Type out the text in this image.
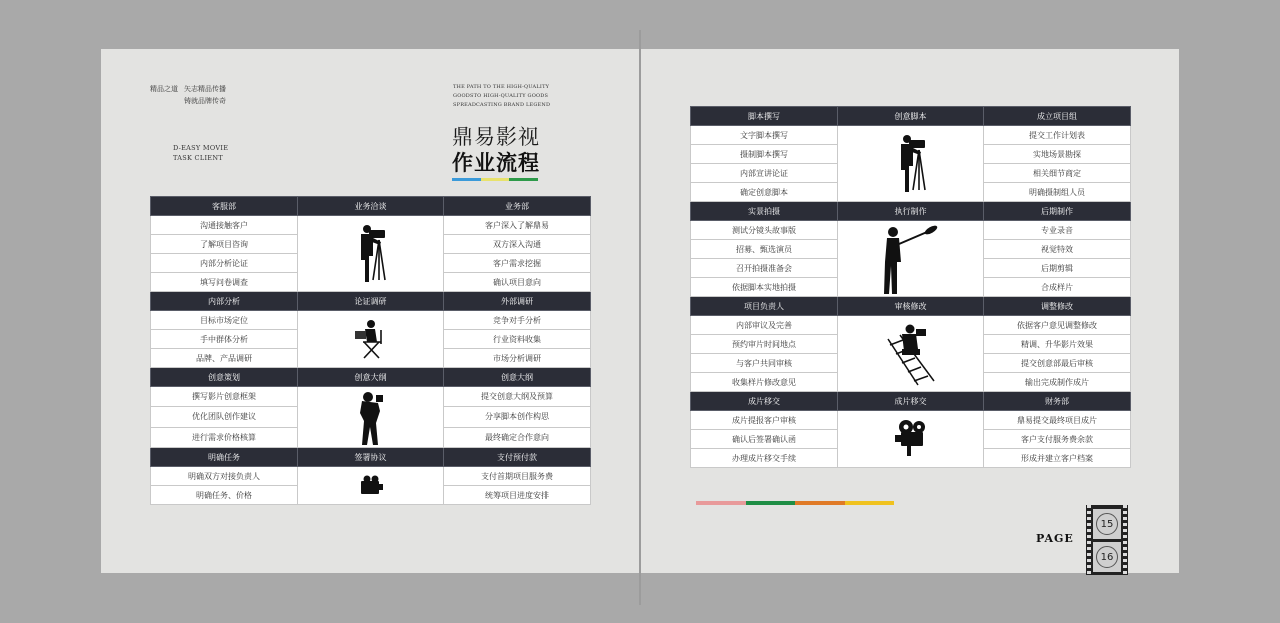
精品之道 矢志精品传播
铸就品牌传奇
D-EASY MOVIE
TASK CLIENT
THE PATH TO THE HIGH-QUALITY
GOODSTO HIGH-QUALITY GOODS
SPREADCASTING BRAND LEGEND
鼎易影视
作业流程
客服部	业务洽谈	业务部
沟通接触客户		客户深入了解鼎易
了解项目咨询		双方深入沟通
内部分析论证		客户需求挖掘
填写问卷调查		确认项目意向
内部分析	论证调研	外部调研
目标市场定位		竞争对手分析
手中群体分析		行业资料收集
品牌、产品调研		市场分析调研
创意策划	创意大纲	创意大纲
撰写影片创意框架		提交创意大纲及预算
优化团队创作建议		分享脚本创作构思
进行需求价格核算		最终确定合作意向
明确任务	签署协议	支付预付款
明确双方对接负责人		支付首期项目服务费
明确任务、价格		统筹项目进度安排
脚本撰写	创意脚本	成立项目组
文字脚本撰写		提交工作计划表
摄制脚本撰写		实地场景勘探
内部宣讲论证		相关细节商定
确定创意脚本		明确摄制组人员
实景拍摄	执行制作	后期制作
测试分镜头故事版		专业录音
招募、甄选演员		视觉特效
召开拍摄准备会		后期剪辑
依据脚本实地拍摄		合成样片
项目负责人	审核修改	调整修改
内部审议及完善		依据客户意见调整修改
预约审片时间地点		精调、升华影片效果
与客户共同审核		提交创意部最后审核
收集样片修改意见		输出完成制作成片
成片移交	成片移交	财务部
成片提报客户审核		鼎易提交最终项目成片
确认后签署确认函		客户支付服务费余款
办理成片移交手续		形成并建立客户档案
PAGE
15
16
